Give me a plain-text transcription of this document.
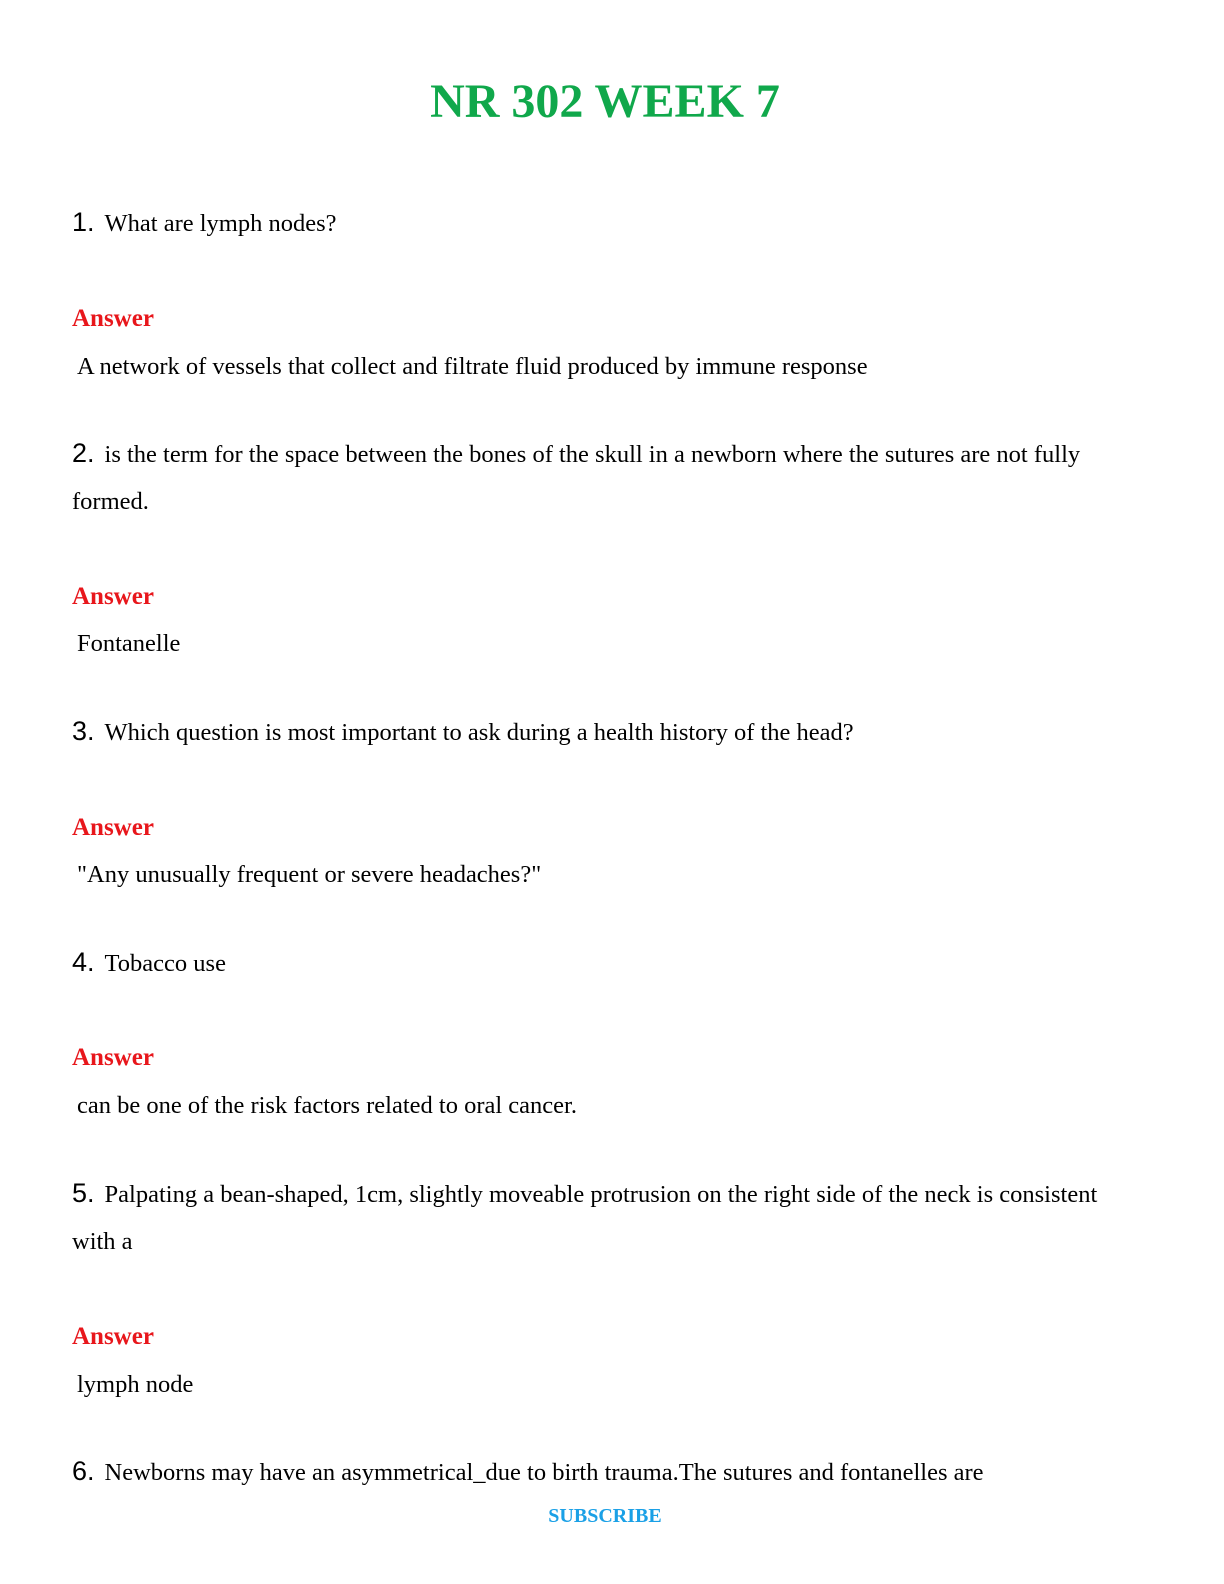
NR 302 WEEK 7

1. What are lymph nodes?

Answer

A network of vessels that collect and filtrate fluid produced by immune response

2. is the term for the space between the bones of the skull in a newborn where the sutures are not fully formed.

Answer

Fontanelle

3. Which question is most important to ask during a health history of the head?

Answer

"Any unusually frequent or severe headaches?"

4. Tobacco use

Answer

can be one of the risk factors related to oral cancer.

5. Palpating a bean-shaped, 1cm, slightly moveable protrusion on the right side of the neck is consistent with a

Answer

lymph node

6. Newborns may have an asymmetrical_due to birth trauma.The sutures and fontanelles are

SUBSCRIBE
